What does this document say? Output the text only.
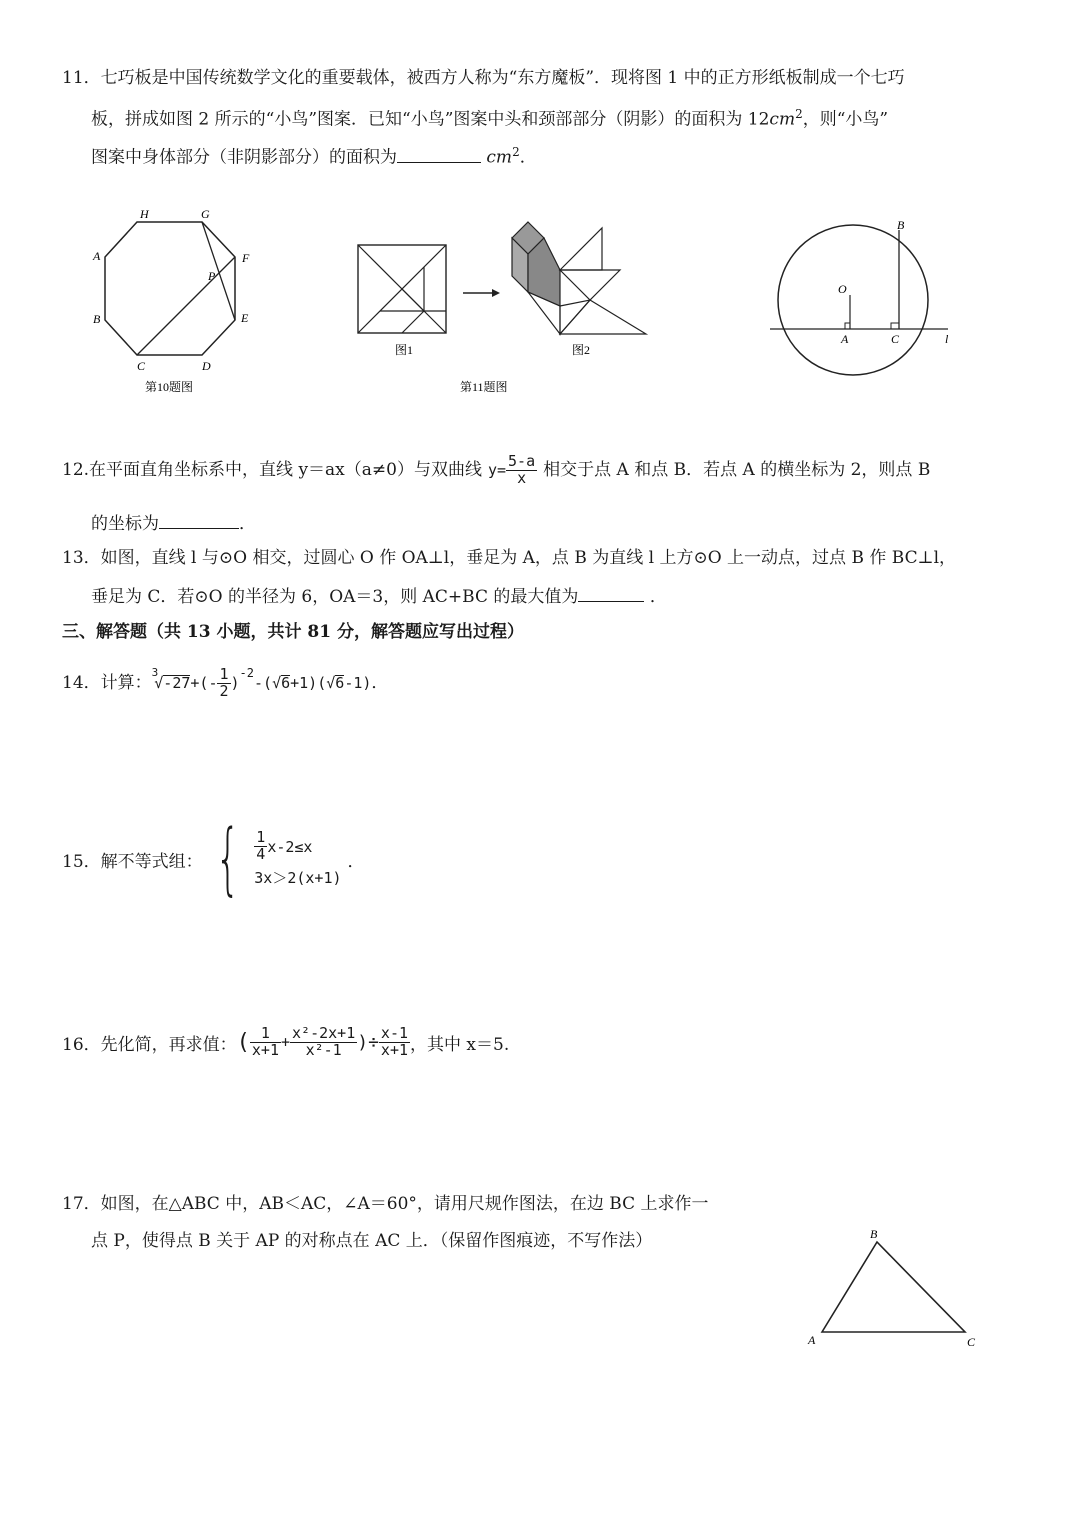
11．七巧板是中国传统数学文化的重要载体，被西方人称为“东方魔板”．现将图 1 中的正方形纸板制成一个七巧
板，拼成如图 2 所示的“小鸟”图案．已知“小鸟”图案中头和颈部部分（阴影）的面积为 $12cm^2$，则“小鸟”
图案中身体部分（非阴影部分）的面积为	$cm^2$．
H	G
A	F
P
B	E
C	D
第10题图
图1	图2
第11题图
B
O
A	C	l
12.在平面直角坐标系中，直线 y＝ax（a≠0）与双曲线 $y= \frac{5-a}{x}$ 相交于点 A 和点 B．若点 A 的横坐标为 2，则点 B
的坐标为	．
13．如图，直线 l 与⊙O 相交，过圆心 O 作 OA⊥l，垂足为 A，点 B 为直线 l 上方⊙O 上一动点，过点 B 作 BC⊥l，
垂足为 C．若⊙O 的半径为 6，OA＝3，则 AC+BC 的最大值为	．
三、解答题（共 13 小题，共计 81 分，解答题应写出过程）
14．计算：
3
√ -27 +(- $\frac{1}{2}$ )
$^{-2}$
-( √ 6 +1)( √ 6 -1) ．
15．解不等式组： { $\frac{1}{4} x-2\le x$
3x＞2(x+1)
．
16．先化简，再求值： ( $\frac{1}{x+1} + \frac{\text{x²-2x+1}}{\text{x²-1}}$ )÷ $\frac{x-1}{x+1}$ ，其中 x＝5.
17．如图，在△ABC 中，AB＜AC，∠A＝60°，请用尺规作图法，在边 BC 上求作一
点 P，使得点 B 关于 AP 的对称点在 AC 上．（保留作图痕迹，不写作法）	B
A	C
